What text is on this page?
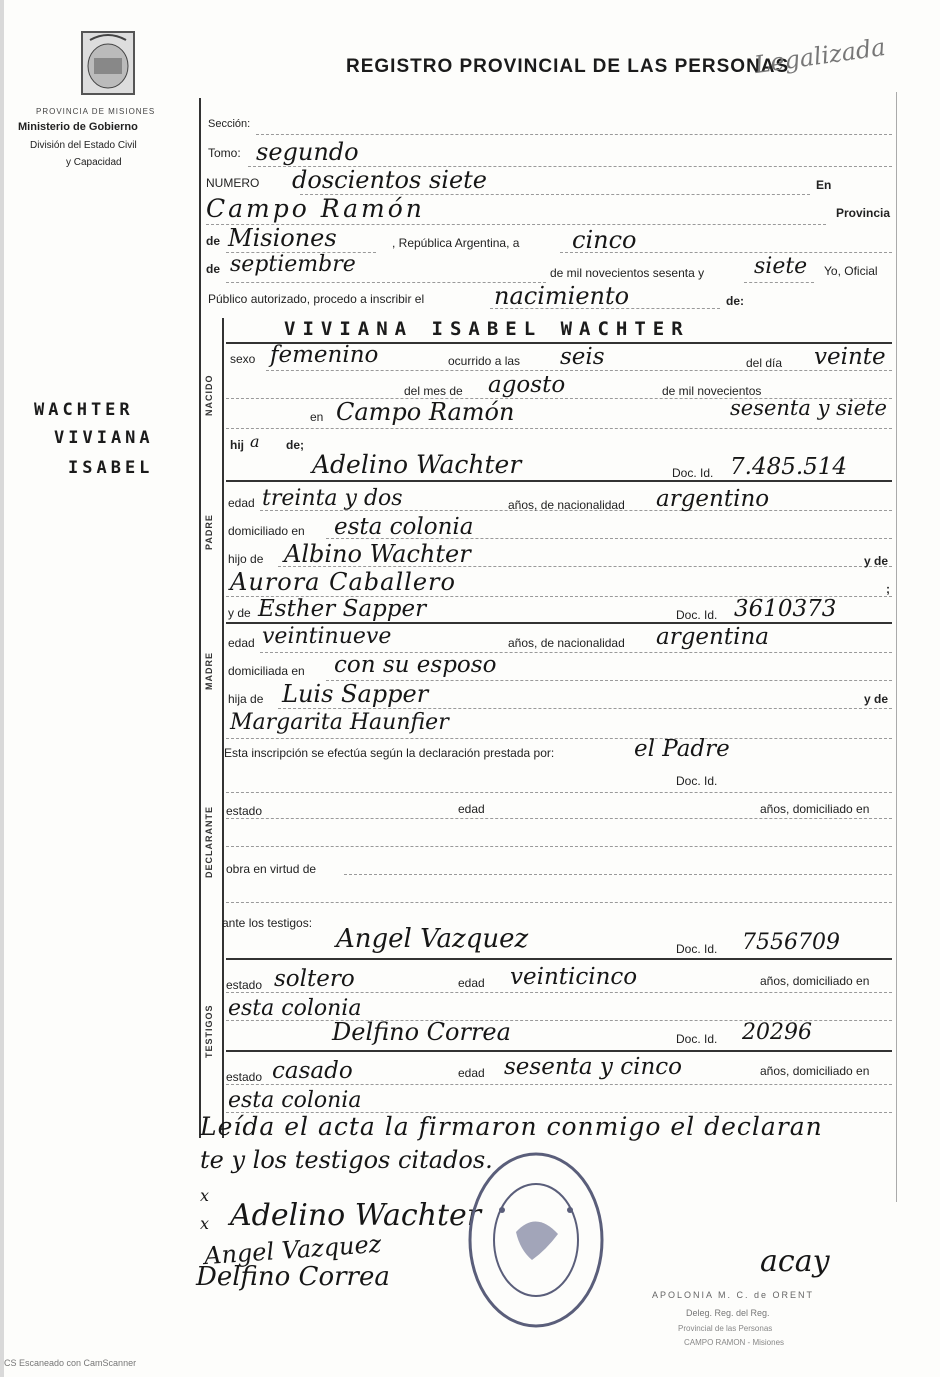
PROVINCIA DE MISIONES
Ministerio de Gobierno
División del Estado Civil
y Capacidad
REGISTRO PROVINCIAL DE LAS PERSONAS
Legalizada
Sección:
Tomo: segundo
NUMERO doscientos siete	En
Campo Ramón	Provincia
de Misiones	, República Argentina, a cinco
de septiembre	de mil novecientos sesenta y siete Yo, Oficial
Público autorizado, procedo a inscribir el	nacimiento	de:
VIVIANA ISABEL WACHTER
WACHTER
VIVIANA
ISABEL
NACIDO
PADRE
MADRE
DECLARANTE
TESTIGOS
sexo femenino	ocurrido a las seis	del día veinte
del mes de agosto	de mil novecientos
sesenta y siete
en Campo Ramón
hij a de;
Adelino Wachter	Doc. Id. 7.485.514
edad treinta y dos	años, de nacionalidad argentino
domiciliado en esta colonia
hijo de Albino Wachter	y de
Aurora Caballero	;
y de Esther Sapper	Doc. Id. 3610373
edad veintinueve	años, de nacionalidad argentina
domiciliada en con su esposo
hija de Luis Sapper	y de
Margarita Haunfier
Esta inscripción se efectúa según la declaración prestada por:	el Padre
Doc. Id.
estado	edad	años, domiciliado en
obra en virtud de
ante los testigos:
Angel Vazquez	Doc. Id. 7556709
estado soltero	edad veinticinco	años, domiciliado en
esta colonia
Delfino Correa	Doc. Id. 20296
estado casado	edad sesenta y cinco	años, domiciliado en
esta colonia
Leída el acta la firmaron conmigo el declaran
te y los testigos citados.
x
x Adelino Wachter
Angel Vazquez
Delfino Correa	acay
APOLONIA M. C. de ORENT
Deleg. Reg. del Reg.
Provincial de las Personas
CAMPO RAMON - Misiones
CS Escaneado con CamScanner
